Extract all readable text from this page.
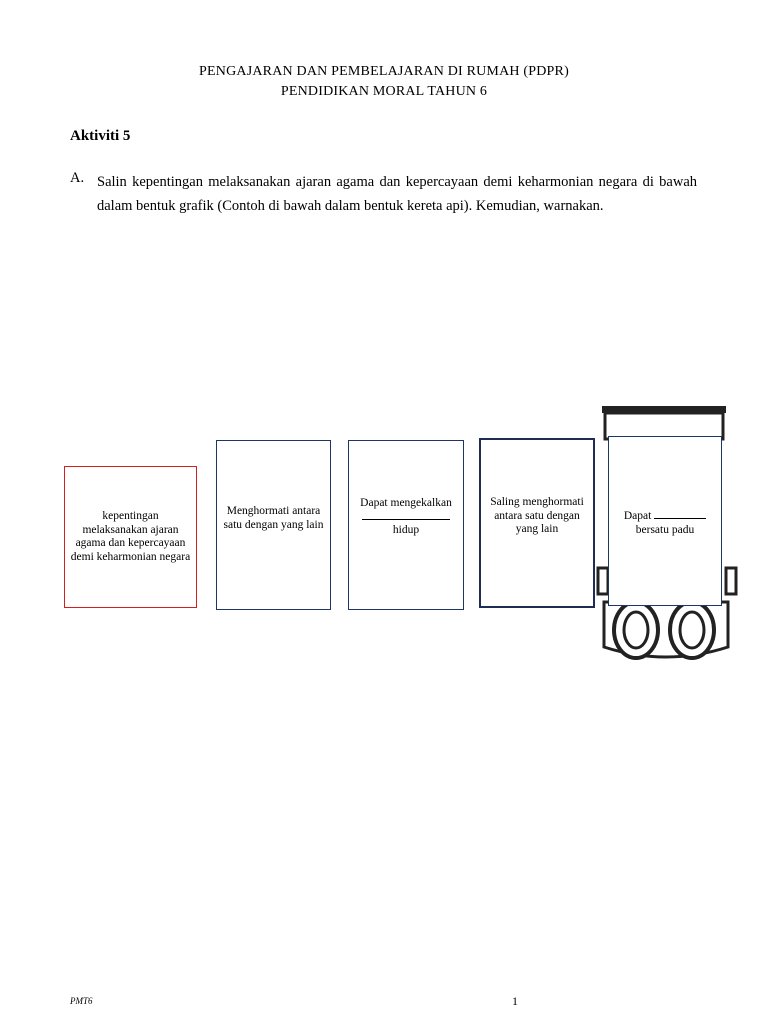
PENGAJARAN DAN PEMBELAJARAN DI RUMAH (PDPR)
PENDIDIKAN MORAL TAHUN 6
Aktiviti 5
A. Salin kepentingan melaksanakan ajaran agama dan kepercayaan demi keharmonian negara di bawah dalam bentuk grafik (Contoh di bawah dalam bentuk kereta api). Kemudian, warnakan.
kepentingan melaksanakan ajaran agama dan kepercayaan demi keharmonian negara
Menghormati antara satu dengan yang lain
Dapat mengekalkan
hidup
Saling menghormati antara satu dengan yang lain
Dapat
bersatu padu
PMT6	1
